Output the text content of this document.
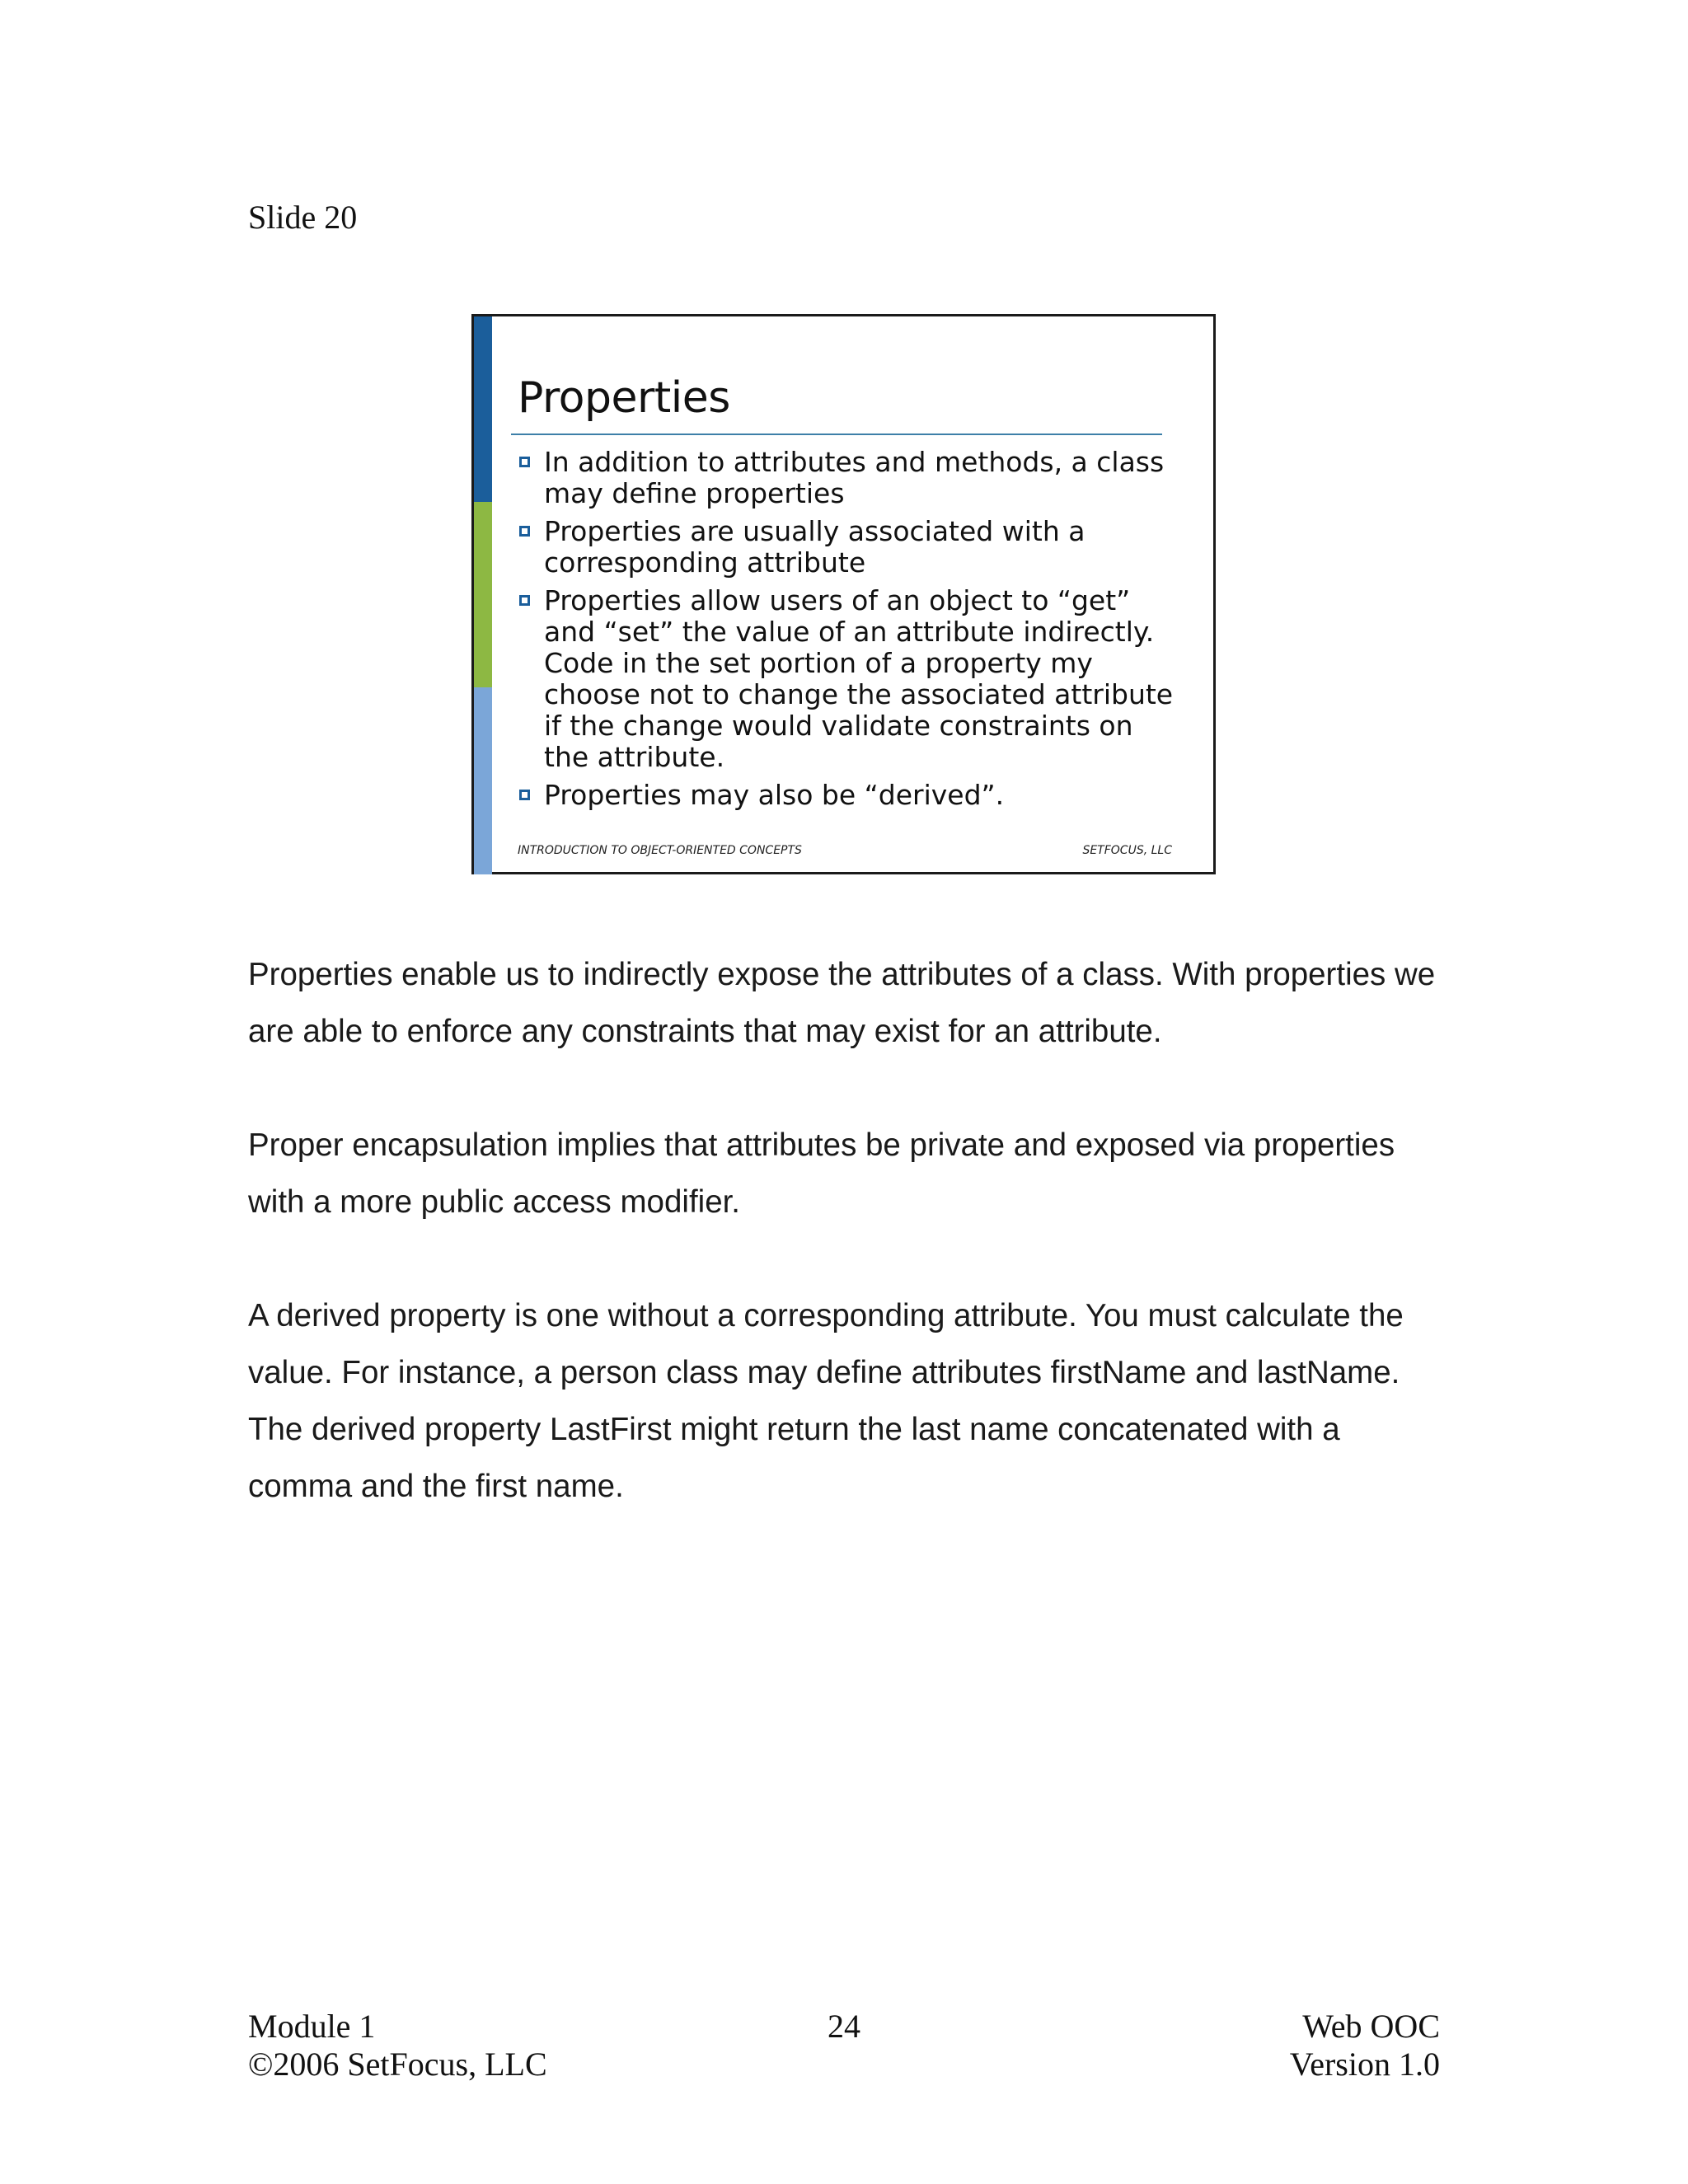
Slide 20
Properties
In addition to attributes and methods, a class may define properties
Properties are usually associated with a corresponding attribute
Properties allow users of an object to “get” and “set” the value of an attribute indirectly. Code in the set portion of a property my choose not to change the associated attribute if the change would validate constraints on the attribute.
Properties may also be “derived”.
INTRODUCTION TO OBJECT-ORIENTED CONCEPTS	SETFOCUS, LLC

Properties enable us to indirectly expose the attributes of a class. With properties we are able to enforce any constraints that may exist for an attribute.

Proper encapsulation implies that attributes be private and exposed via properties with a more public access modifier.

A derived property is one without a corresponding attribute. You must calculate the value. For instance, a person class may define attributes firstName and lastName. The derived property LastFirst might return the last name concatenated with a comma and the first name.

Module 1
©2006 SetFocus, LLC
24	Web OOC
Version 1.0
